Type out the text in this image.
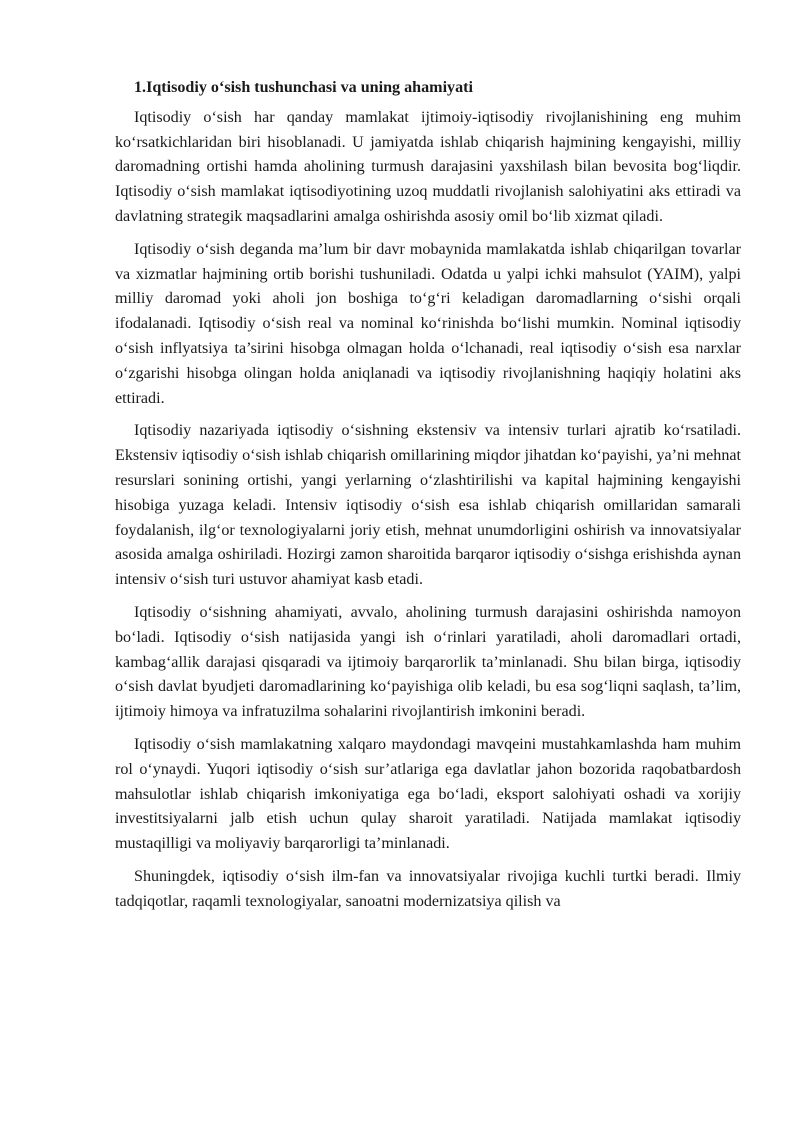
1.Iqtisodiy o‘sish tushunchasi va uning ahamiyati

Iqtisodiy o‘sish har qanday mamlakat ijtimoiy-iqtisodiy rivojlanishining eng muhim ko‘rsatkichlaridan biri hisoblanadi. U jamiyatda ishlab chiqarish hajmining kengayishi, milliy daromadning ortishi hamda aholining turmush darajasini yaxshilash bilan bevosita bog‘liqdir. Iqtisodiy o‘sish mamlakat iqtisodiyotining uzoq muddatli rivojlanish salohiyatini aks ettiradi va davlatning strategik maqsadlarini amalga oshirishda asosiy omil bo‘lib xizmat qiladi.

Iqtisodiy o‘sish deganda ma’lum bir davr mobaynida mamlakatda ishlab chiqarilgan tovarlar va xizmatlar hajmining ortib borishi tushuniladi. Odatda u yalpi ichki mahsulot (YAIM), yalpi milliy daromad yoki aholi jon boshiga to‘g‘ri keladigan daromadlarning o‘sishi orqali ifodalanadi. Iqtisodiy o‘sish real va nominal ko‘rinishda bo‘lishi mumkin. Nominal iqtisodiy o‘sish inflyatsiya ta’sirini hisobga olmagan holda o‘lchanadi, real iqtisodiy o‘sish esa narxlar o‘zgarishi hisobga olingan holda aniqlanadi va iqtisodiy rivojlanishning haqiqiy holatini aks ettiradi.

Iqtisodiy nazariyada iqtisodiy o‘sishning ekstensiv va intensiv turlari ajratib ko‘rsatiladi. Ekstensiv iqtisodiy o‘sish ishlab chiqarish omillarining miqdor jihatdan ko‘payishi, ya’ni mehnat resurslari sonining ortishi, yangi yerlarning o‘zlashtirilishi va kapital hajmining kengayishi hisobiga yuzaga keladi. Intensiv iqtisodiy o‘sish esa ishlab chiqarish omillaridan samarali foydalanish, ilg‘or texnologiyalarni joriy etish, mehnat unumdorligini oshirish va innovatsiyalar asosida amalga oshiriladi. Hozirgi zamon sharoitida barqaror iqtisodiy o‘sishga erishishda aynan intensiv o‘sish turi ustuvor ahamiyat kasb etadi.

Iqtisodiy o‘sishning ahamiyati, avvalo, aholining turmush darajasini oshirishda namoyon bo‘ladi. Iqtisodiy o‘sish natijasida yangi ish o‘rinlari yaratiladi, aholi daromadlari ortadi, kambag‘allik darajasi qisqaradi va ijtimoiy barqarorlik ta’minlanadi. Shu bilan birga, iqtisodiy o‘sish davlat byudjeti daromadlarining ko‘payishiga olib keladi, bu esa sog‘liqni saqlash, ta’lim, ijtimoiy himoya va infratuzilma sohalarini rivojlantirish imkonini beradi.

Iqtisodiy o‘sish mamlakatning xalqaro maydondagi mavqeini mustahkamlashda ham muhim rol o‘ynaydi. Yuqori iqtisodiy o‘sish sur’atlariga ega davlatlar jahon bozorida raqobatbardosh mahsulotlar ishlab chiqarish imkoniyatiga ega bo‘ladi, eksport salohiyati oshadi va xorijiy investitsiyalarni jalb etish uchun qulay sharoit yaratiladi. Natijada mamlakat iqtisodiy mustaqilligi va moliyaviy barqarorligi ta’minlanadi.

Shuningdek, iqtisodiy o‘sish ilm-fan va innovatsiyalar rivojiga kuchli turtki beradi. Ilmiy tadqiqotlar, raqamli texnologiyalar, sanoatni modernizatsiya qilish va
